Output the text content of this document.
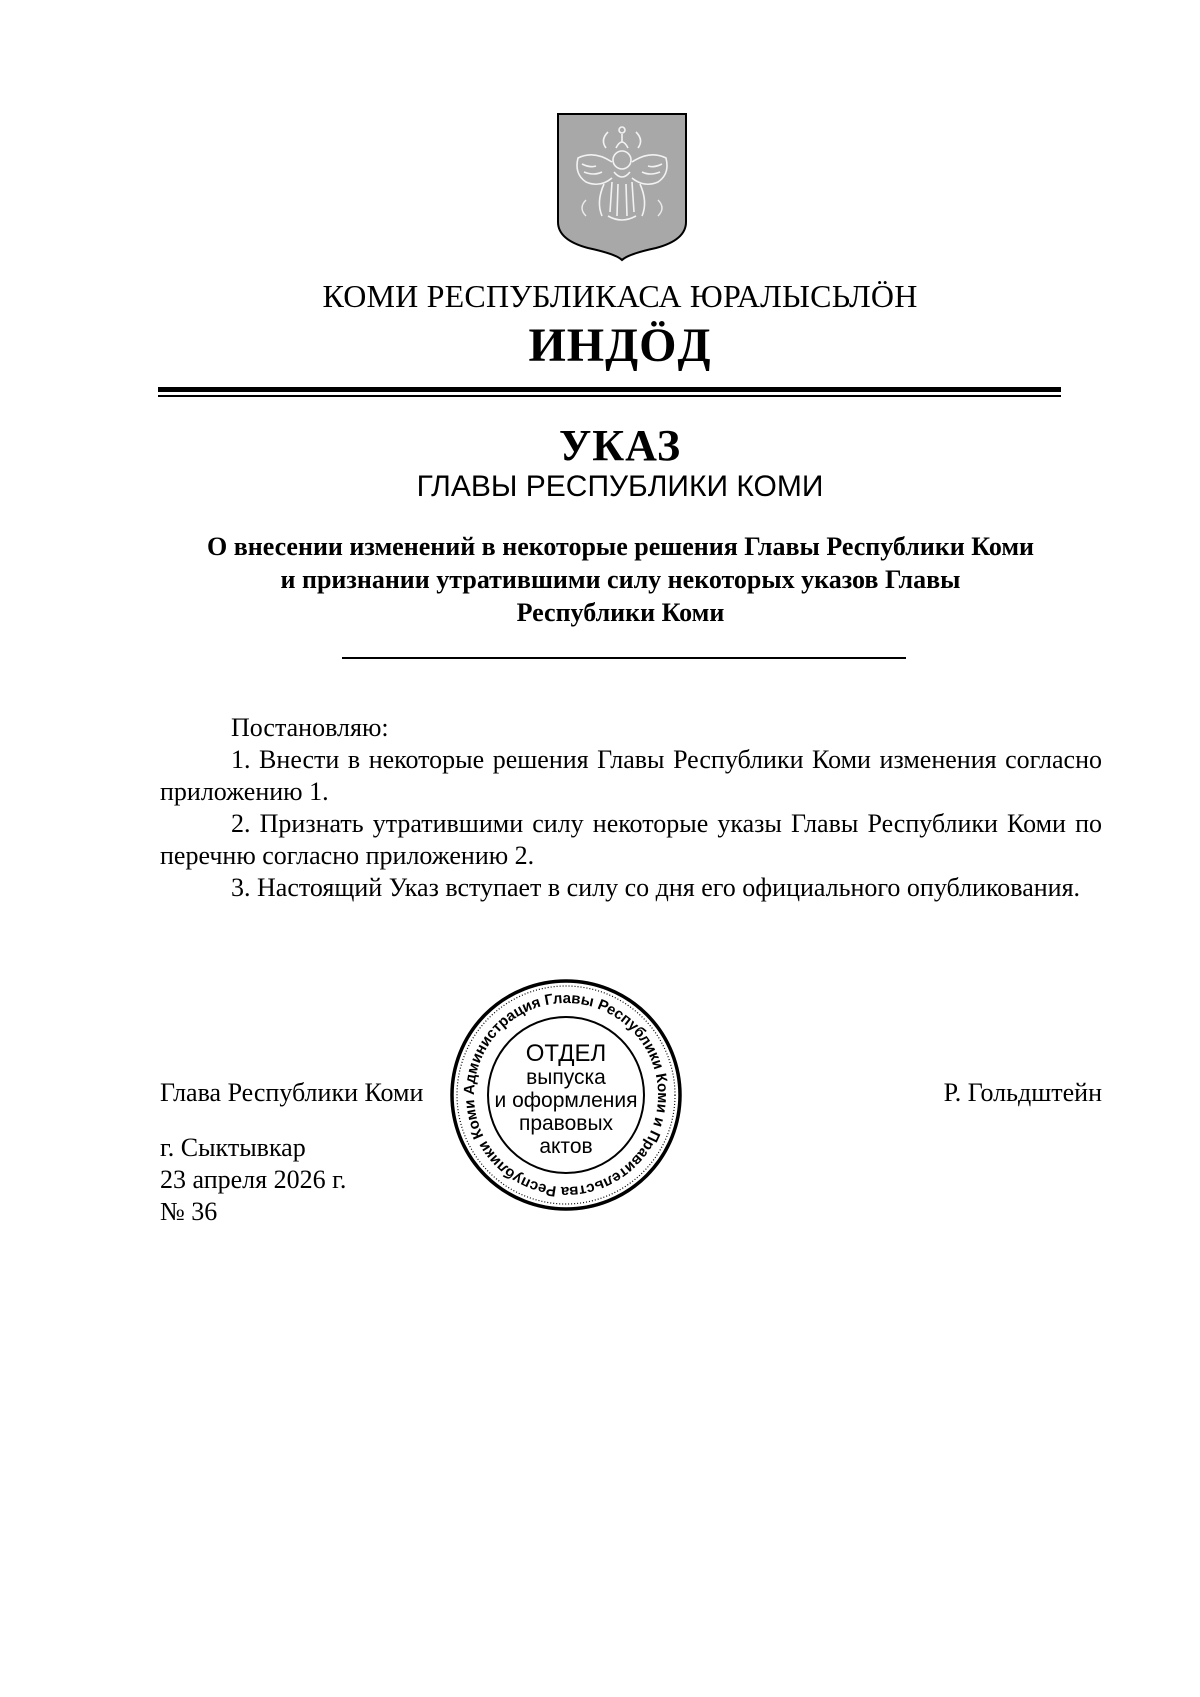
КОМИ РЕСПУБЛИКАСА ЮРАЛЫСЬЛӦН
ИНДӦД
УКАЗ
ГЛАВЫ РЕСПУБЛИКИ КОМИ
О внесении изменений в некоторые решения Главы Республики Коми
и признании утратившими силу некоторых указов Главы
Республики Коми

Постановляю:

1. Внести в некоторые решения Главы Республики Коми изменения согласно приложению 1.

2. Признать утратившими силу некоторые указы Главы Республики Коми по перечню согласно приложению 2.

3. Настоящий Указ вступает в силу со дня его официального опубликования.

Глава Республики Коми	Р. Гольдштейн
г. Сыктывкар
23 апреля 2026 г.
№ 36
Администрация Главы Республики Коми и Правительства Республики Коми
ОТДЕЛ
выпуска
и оформления
правовых
актов
